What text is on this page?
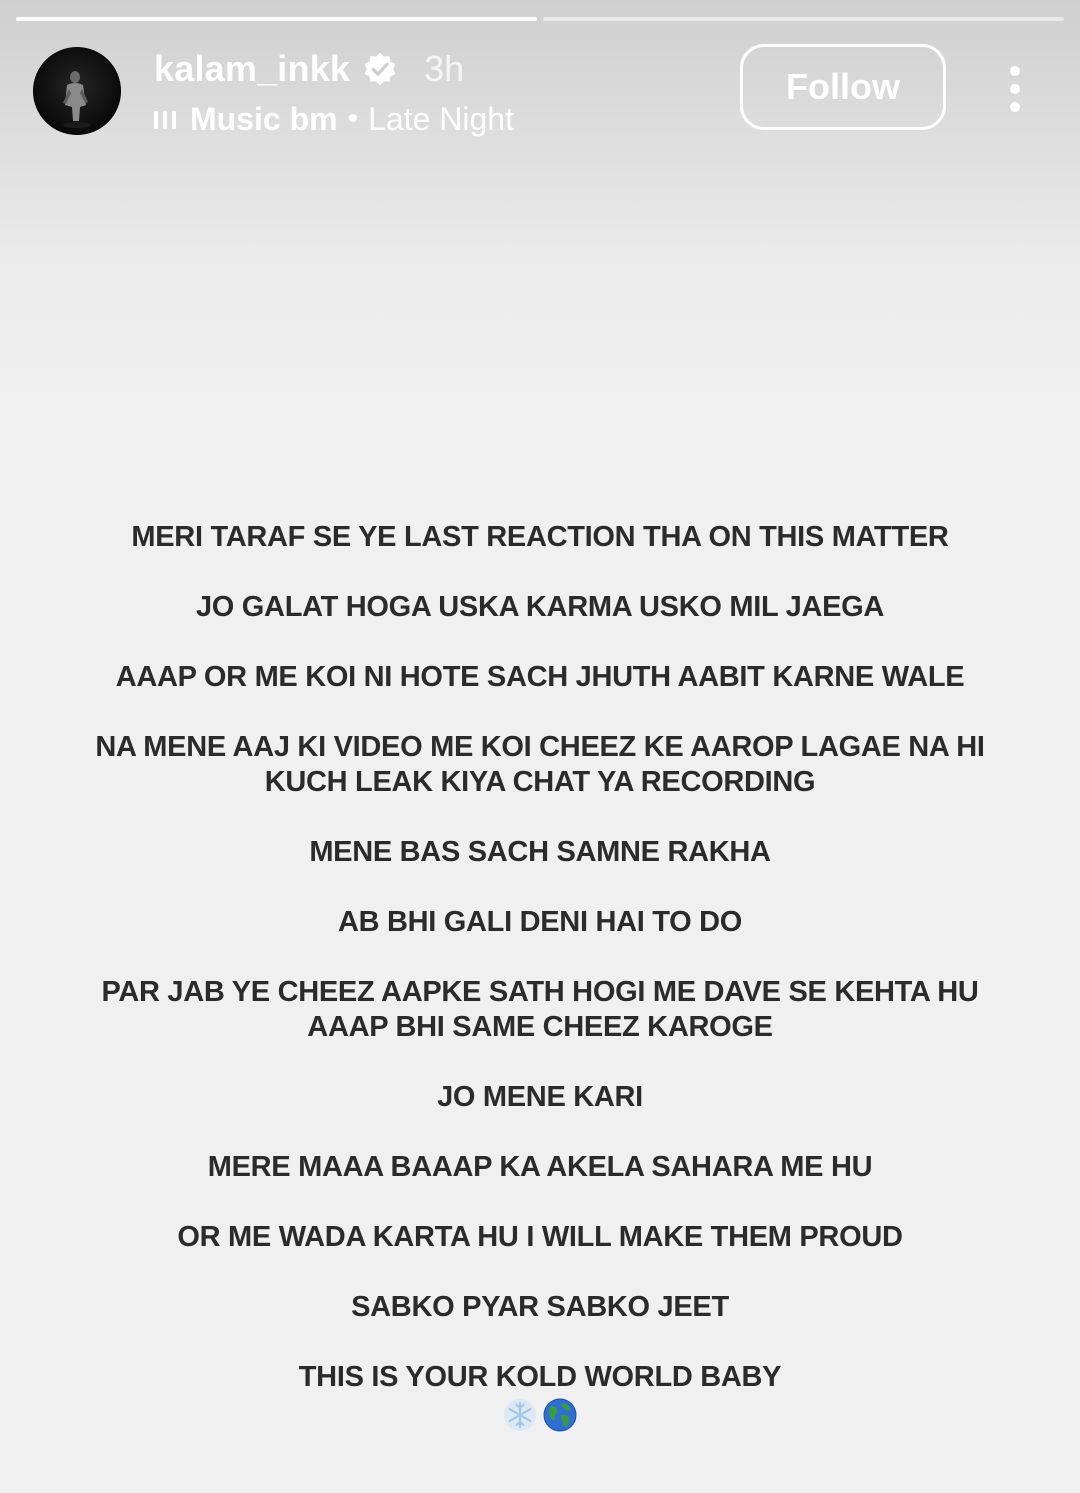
kalam_inkk 3h
Music bm • Late Night
Follow
MERI TARAF SE YE LAST REACTION THA ON THIS MATTER
JO GALAT HOGA USKA KARMA USKO MIL JAEGA
AAAP OR ME KOI NI HOTE SACH JHUTH AABIT KARNE WALE
NA MENE AAJ KI VIDEO ME KOI CHEEZ KE AAROP LAGAE NA HI
KUCH LEAK KIYA CHAT YA RECORDING
MENE BAS SACH SAMNE RAKHA
AB BHI GALI DENI HAI TO DO
PAR JAB YE CHEEZ AAPKE SATH HOGI ME DAVE SE KEHTA HU
AAAP BHI SAME CHEEZ KAROGE
JO MENE KARI
MERE MAAA BAAAP KA AKELA SAHARA ME HU
OR ME WADA KARTA HU I WILL MAKE THEM PROUD
SABKO PYAR SABKO JEET
THIS IS YOUR KOLD WORLD BABY
